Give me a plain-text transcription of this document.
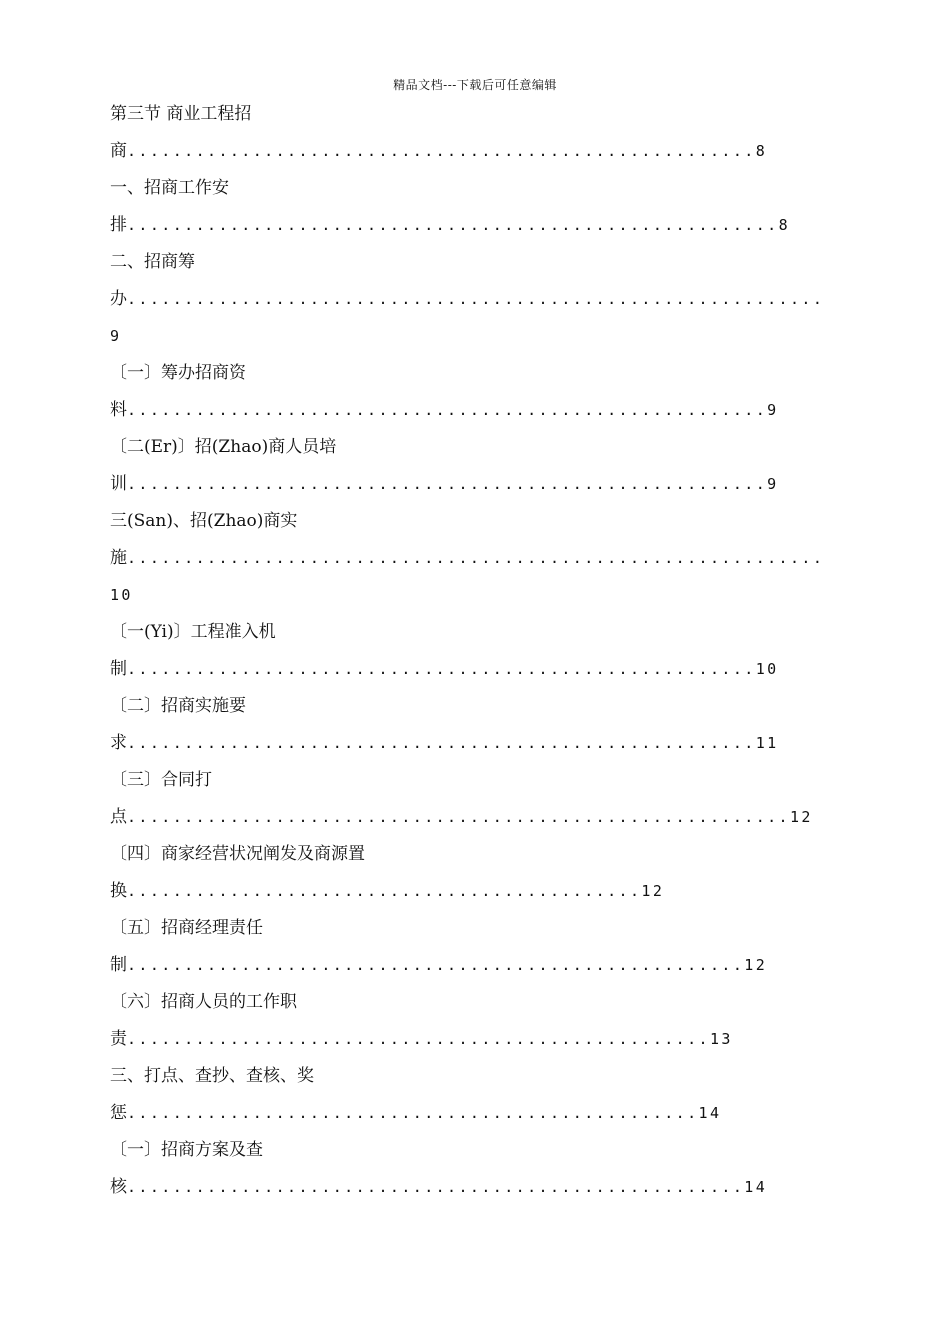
精品文档---下载后可任意编辑
第三节 商业工程招
商.......................................................8
一、招商工作安
排.........................................................8
二、招商筹
办.............................................................
9
〔一〕筹办招商资
料........................................................9
〔二(Er)〕招(Zhao)商人员培
训........................................................9
三(San)、招(Zhao)商实
施.............................................................
10
〔一(Yi)〕工程准入机
制.......................................................10
〔二〕招商实施要
求.......................................................11
〔三〕合同打
点..........................................................12
〔四〕商家经营状况阐发及商源置
换.............................................12
〔五〕招商经理责任
制......................................................12
〔六〕招商人员的工作职
责...................................................13
三、打点、查抄、查核、奖
惩..................................................14
〔一〕招商方案及查
核......................................................14
